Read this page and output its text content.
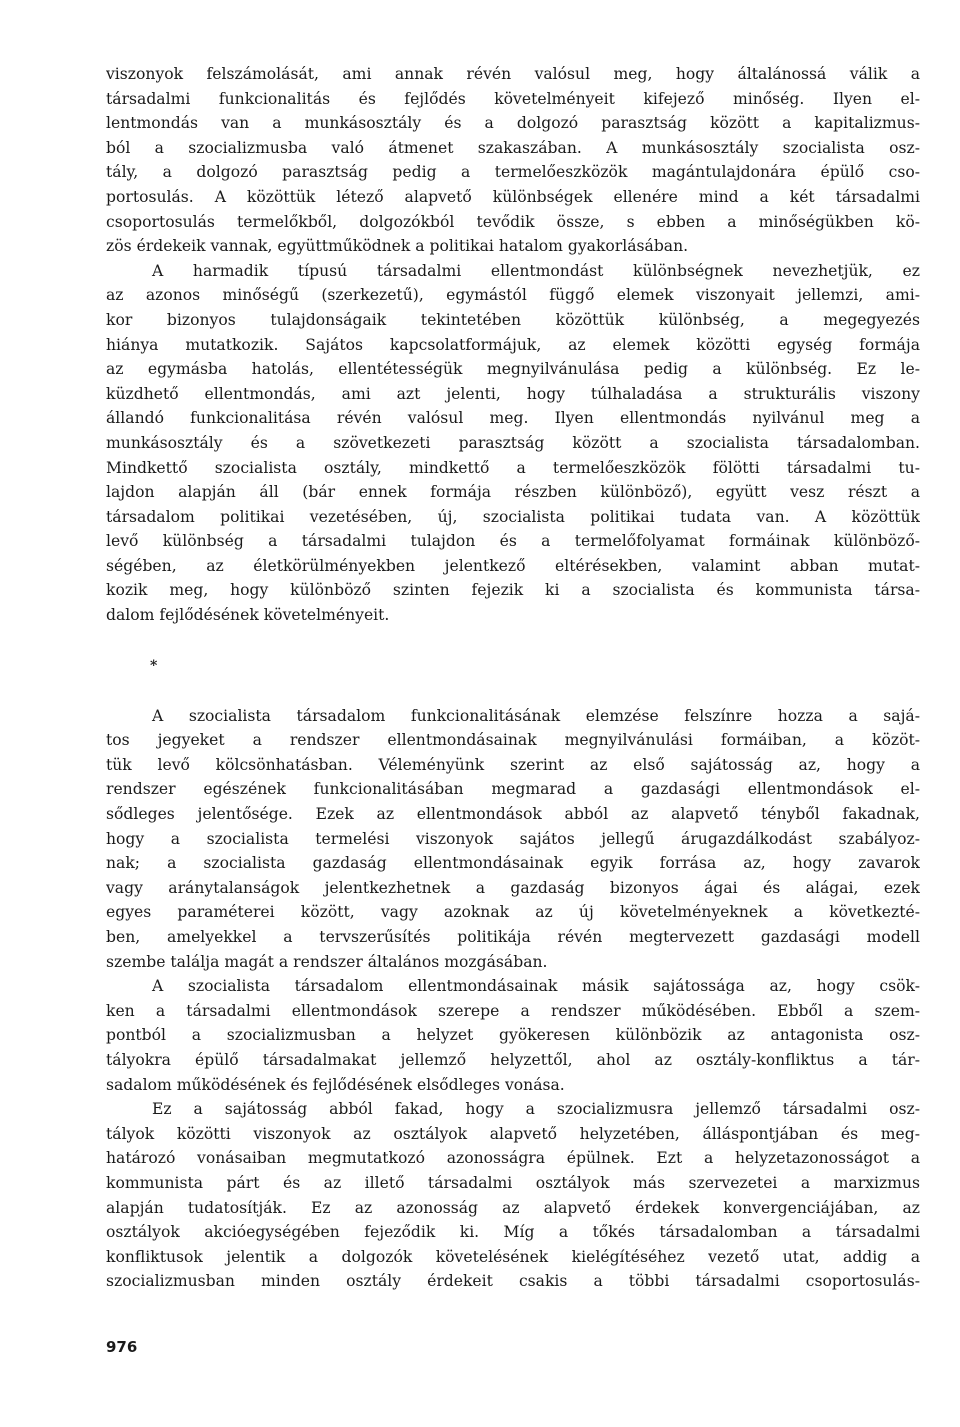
viszonyok felszámolását, ami annak révén valósul meg, hogy általánossá válik a
társadalmi funkcionalitás és fejlődés követelményeit kifejező minőség. Ilyen el-
lentmondás van a munkásosztály és a dolgozó parasztság között a kapitalizmus-
ból a szocializmusba való átmenet szakaszában. A munkásosztály szocialista osz-
tály, a dolgozó parasztság pedig a termelőeszközök magántulajdonára épülő cso-
portosulás. A közöttük létező alapvető különbségek ellenére mind a két társadalmi
csoportosulás termelőkből, dolgozókból tevődik össze, s ebben a minőségükben kö-
zös érdekeik vannak, együttműködnek a politikai hatalom gyakorlásában.
A harmadik típusú társadalmi ellentmondást különbségnek nevezhetjük, ez
az azonos minőségű (szerkezetű), egymástól függő elemek viszonyait jellemzi, ami-
kor bizonyos tulajdonságaik tekintetében közöttük különbség, a megegyezés
hiánya mutatkozik. Sajátos kapcsolatformájuk, az elemek közötti egység formája
az egymásba hatolás, ellentétességük megnyilvánulása pedig a különbség. Ez le-
küzdhető ellentmondás, ami azt jelenti, hogy túlhaladása a strukturális viszony
állandó funkcionalitása révén valósul meg. Ilyen ellentmondás nyilvánul meg a
munkásosztály és a szövetkezeti parasztság között a szocialista társadalomban.
Mindkettő szocialista osztály, mindkettő a termelőeszközök fölötti társadalmi tu-
lajdon alapján áll (bár ennek formája részben különböző), együtt vesz részt a
társadalom politikai vezetésében, új, szocialista politikai tudata van. A közöttük
levő különbség a társadalmi tulajdon és a termelőfolyamat formáinak különböző-
ségében, az életkörülményekben jelentkező eltérésekben, valamint abban mutat-
kozik meg, hogy különböző szinten fejezik ki a szocialista és kommunista társa-
dalom fejlődésének követelményeit.
*
A szocialista társadalom funkcionalitásának elemzése felszínre hozza a sajá-
tos jegyeket a rendszer ellentmondásainak megnyilvánulási formáiban, a közöt-
tük levő kölcsönhatásban. Véleményünk szerint az első sajátosság az, hogy a
rendszer egészének funkcionalitásában megmarad a gazdasági ellentmondások el-
sődleges jelentősége. Ezek az ellentmondások abból az alapvető tényből fakadnak,
hogy a szocialista termelési viszonyok sajátos jellegű árugazdálkodást szabályoz-
nak; a szocialista gazdaság ellentmondásainak egyik forrása az, hogy zavarok
vagy aránytalanságok jelentkezhetnek a gazdaság bizonyos ágai és alágai, ezek
egyes paraméterei között, vagy azoknak az új követelményeknek a következté-
ben, amelyekkel a tervszerűsítés politikája révén megtervezett gazdasági modell
szembe találja magát a rendszer általános mozgásában.
A szocialista társadalom ellentmondásainak másik sajátossága az, hogy csök-
ken a társadalmi ellentmondások szerepe a rendszer működésében. Ebből a szem-
pontból a szocializmusban a helyzet gyökeresen különbözik az antagonista osz-
tályokra épülő társadalmakat jellemző helyzettől, ahol az osztály-konfliktus a tár-
sadalom működésének és fejlődésének elsődleges vonása.
Ez a sajátosság abból fakad, hogy a szocializmusra jellemző társadalmi osz-
tályok közötti viszonyok az osztályok alapvető helyzetében, álláspontjában és meg-
határozó vonásaiban megmutatkozó azonosságra épülnek. Ezt a helyzetazonosságot a
kommunista párt és az illető társadalmi osztályok más szervezetei a marxizmus
alapján tudatosítják. Ez az azonosság az alapvető érdekek konvergenciájában, az
osztályok akcióegységében fejeződik ki. Míg a tőkés társadalomban a társadalmi
konfliktusok jelentik a dolgozók követelésének kielégítéséhez vezető utat, addig a
szocializmusban minden osztály érdekeit csakis a többi társadalmi csoportosulás-
976
